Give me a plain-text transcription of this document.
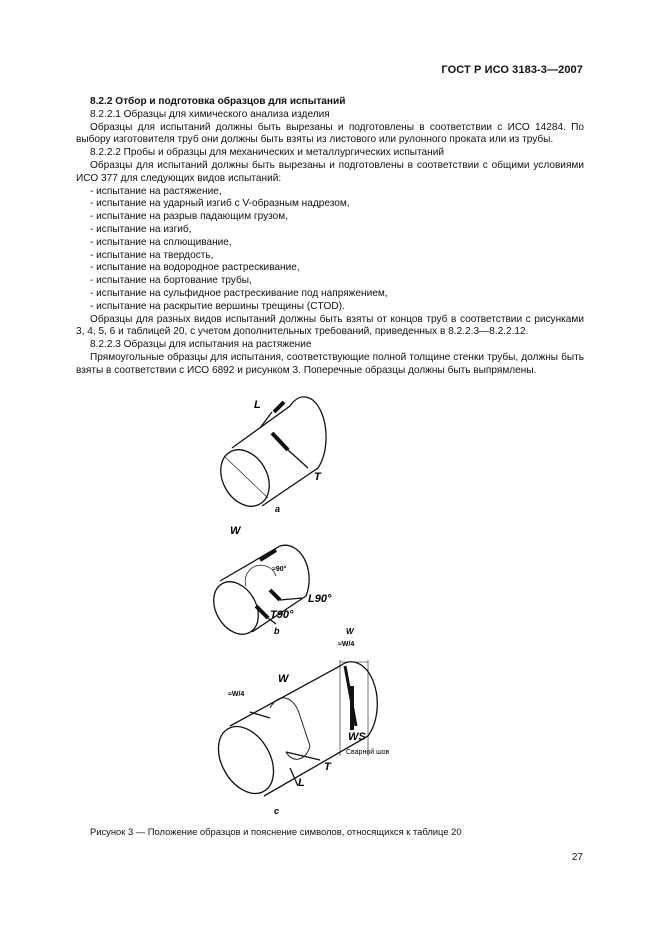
ГОСТ Р ИСО 3183-3—2007

8.2.2 Отбор и подготовка образцов для испытаний

8.2.2.1 Образцы для химического анализа изделия

Образцы для испытаний должны быть вырезаны и подготовлены в соответствии с ИСО 14284. По выбору изготовителя труб они должны быть взяты из листового или рулонного проката или из трубы.

8.2.2.2 Пробы и образцы для механических и металлургических испытаний

Образцы для испытаний должны быть вырезаны и подготовлены в соответствии с общими условиями ИСО 377 для следующих видов испытаний:

- испытание на растяжение,
- испытание на ударный изгиб с V-образным надрезом,
- испытание на разрыв падающим грузом,
- испытание на изгиб,
- испытание на сплющивание,
- испытание на твердость,
- испытание на водородное растрескивание,
- испытание на бортование трубы,
- испытание на сульфидное растрескивание под напряжением,
- испытание на раскрытие вершины трещины (CTOD).

Образцы для разных видов испытаний должны быть взяты от концов труб в соответствии с рисунками 3, 4, 5, 6 и таблицей 20, с учетом дополнительных требований, приведенных в 8.2.2.3—8.2.2.12.

8.2.2.3 Образцы для испытания на растяжение

Прямоугольные образцы для испытания, соответствующие полной толщине стенки трубы, должны быть взяты в соответствии с ИСО 6892 и рисунком 3. Поперечные образцы должны быть выпрямлены.

L
T
a
W
≈90°
L90°
T90°
b	W
≈W/4
W
≈W/4
WS
Сварной шов
T
L
c
Рисунок 3 — Положение образцов и пояснение символов, относящихся к таблице 20
27
